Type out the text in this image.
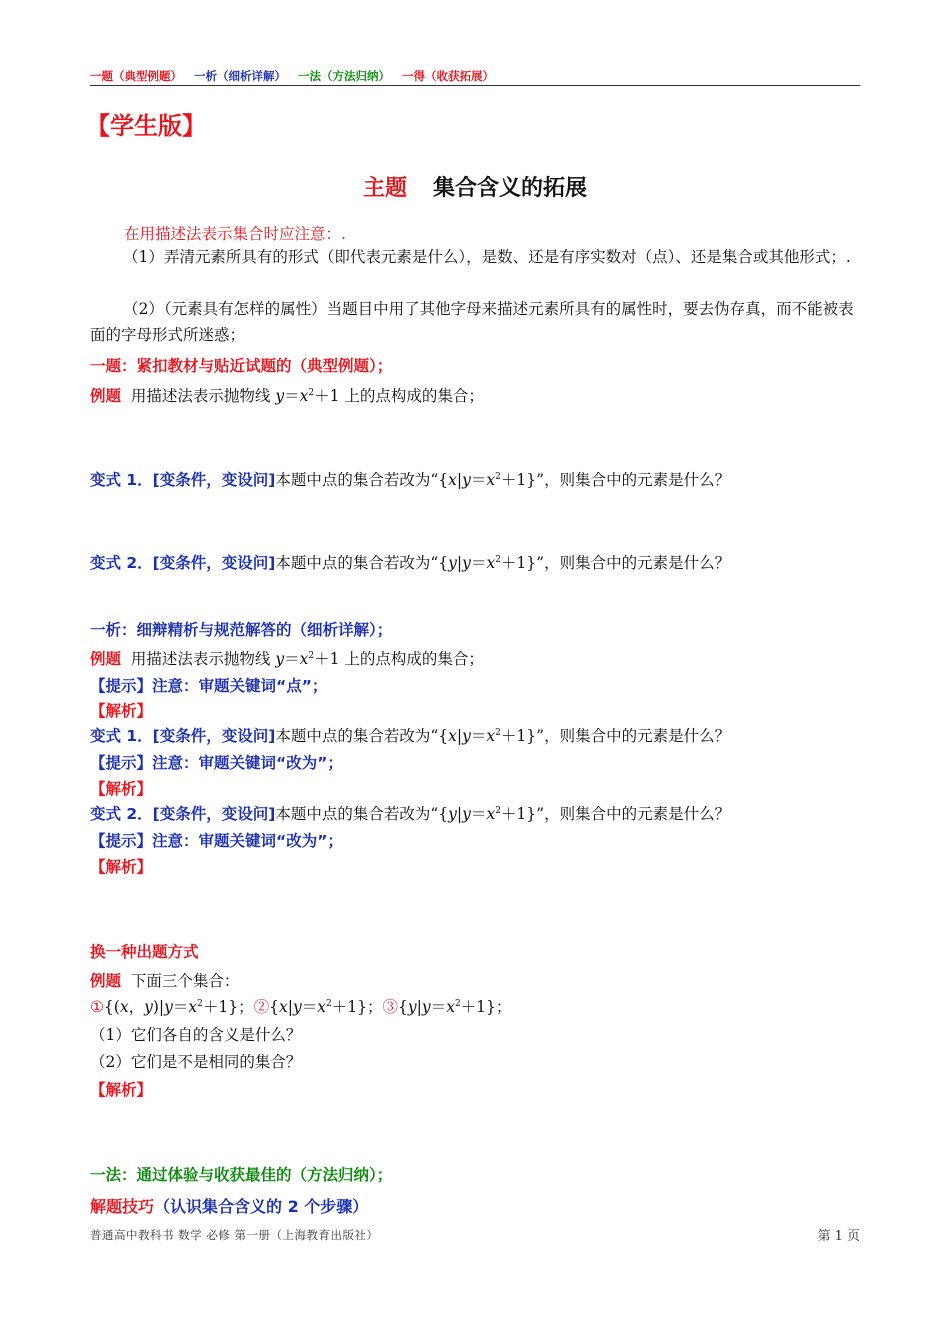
一题（典型例题） 一析（细析详解） 一法（方法归纳） 一得（收获拓展）
【学生版】
主题 集合含义的拓展
在用描述法表示集合时应注意：.
（1）弄清元素所具有的形式（即代表元素是什么），是数、还是有序实数对（点）、还是集合或其他形式；.
（2）（元素具有怎样的属性）当题目中用了其他字母来描述元素所具有的属性时，要去伪存真，而不能被表面的字母形式所迷惑；
一题：紧扣教材与贴近试题的（典型例题）；
例题 用描述法表示抛物线 $y=x^2+1$ 上的点构成的集合；
变式 1．[变条件，变设问]本题中点的集合若改为“$\{x|y=x^2+1\}$”，则集合中的元素是什么？
变式 2．[变条件，变设问]本题中点的集合若改为“$\{y|y=x^2+1\}$”，则集合中的元素是什么？
一析：细辩精析与规范解答的（细析详解）；
例题 用描述法表示抛物线 $y=x^2+1$ 上的点构成的集合；
【提示】注意：审题关键词“点”；
【解析】
变式 1．[变条件，变设问]本题中点的集合若改为“$\{x|y=x^2+1\}$”，则集合中的元素是什么？
【提示】注意：审题关键词“改为”；
【解析】
变式 2．[变条件，变设问]本题中点的集合若改为“$\{y|y=x^2+1\}$”，则集合中的元素是什么？
【提示】注意：审题关键词“改为”；
【解析】
换一种出题方式
例题 下面三个集合：
①{(x，$y)|y=x^2+1$}；$②\{x|y=x^2+1\}$；$③\{y|y=x^2+1\}$；
（1）它们各自的含义是什么？
（2）它们是不是相同的集合？
【解析】
一法：通过体验与收获最佳的（方法归纳）；
解题技巧（认识集合含义的 2 个步骤）
普通高中教科书 数学 必修 第一册（上海教育出版社）	第 1 页
